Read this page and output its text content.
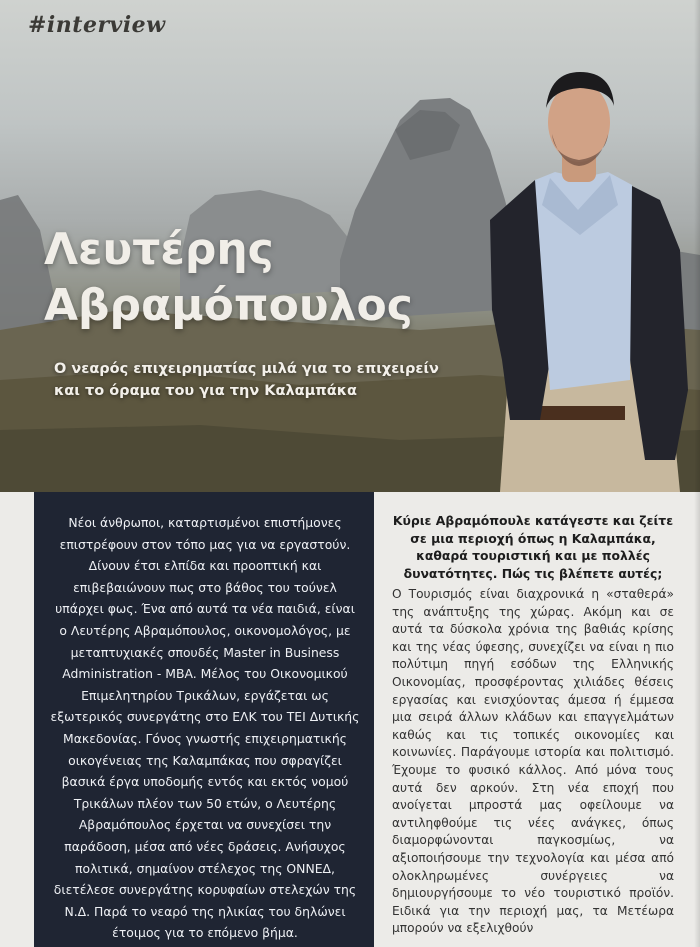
#interview
Λευτέρης
Αβραμόπουλος
Ο νεαρός επιχειρηματίας μιλά για το επιχειρείν
και το όραμα του για την Καλαμπάκα

Νέοι άνθρωποι, καταρτισμένοι επιστήμονες επιστρέφουν στον τόπο μας για να εργαστούν. Δίνουν έτσι ελπίδα και προοπτική και επιβεβαιώνουν πως στο βάθος του τούνελ υπάρχει φως. Ένα από αυτά τα νέα παιδιά, είναι ο Λευτέρης Αβραμόπουλος, οικονομολόγος, με μεταπτυχιακές σπουδές Master in Business Administration - MBA. Μέλος του Οικονομικού Επιμελητηρίου Τρικάλων, εργάζεται ως εξωτερικός συνεργάτης στο ΕΛΚ του ΤΕΙ Δυτικής Μακεδονίας. Γόνος γνωστής επιχειρηματικής οικογένειας της Καλαμπάκας που σφραγίζει βασικά έργα υποδομής εντός και εκτός νομού Τρικάλων πλέον των 50 ετών, ο Λευτέρης Αβραμόπουλος έρχεται να συνεχίσει την παράδοση, μέσα από νέες δράσεις. Ανήσυχος πολιτικά, σημαίνον στέλεχος της ΟΝΝΕΔ, διετέλεσε συνεργάτης κορυφαίων στελεχών της Ν.Δ. Παρά το νεαρό της ηλικίας του δηλώνει έτοιμος για το επόμενο βήμα.

Κύριε Αβραμόπουλε κατάγεστε και ζείτε σε μια περιοχή όπως η Καλαμπάκα, καθαρά τουριστική και με πολλές δυνατότητες. Πώς τις βλέπετε αυτές;

Ο Τουρισμός είναι διαχρονικά η «σταθερά» της ανάπτυξης της χώρας. Ακόμη και σε αυτά τα δύσκολα χρόνια της βαθιάς κρίσης και της νέας ύφεσης, συνεχίζει να είναι η πιο πολύτιμη πηγή εσόδων της Ελληνικής Οικονομίας, προσφέροντας χιλιάδες θέσεις εργασίας και ενισχύοντας άμεσα ή έμμεσα μια σειρά άλλων κλάδων και επαγγελμάτων καθώς και τις τοπικές οικονομίες και κοινωνίες. Παράγουμε ιστορία και πολιτισμό. Έχουμε το φυσικό κάλλος. Από μόνα τους αυτά δεν αρκούν. Στη νέα εποχή που ανοίγεται μπροστά μας οφείλουμε να αντιληφθούμε τις νέες ανάγκες, όπως διαμορφώνονται παγκοσμίως, να αξιοποιήσουμε την τεχνολογία και μέσα από ολοκληρωμένες συνέργειες να δημιουργήσουμε το νέο τουριστικό προϊόν. Ειδικά για την περιοχή μας, τα Μετέωρα μπορούν να εξελιχθούν
